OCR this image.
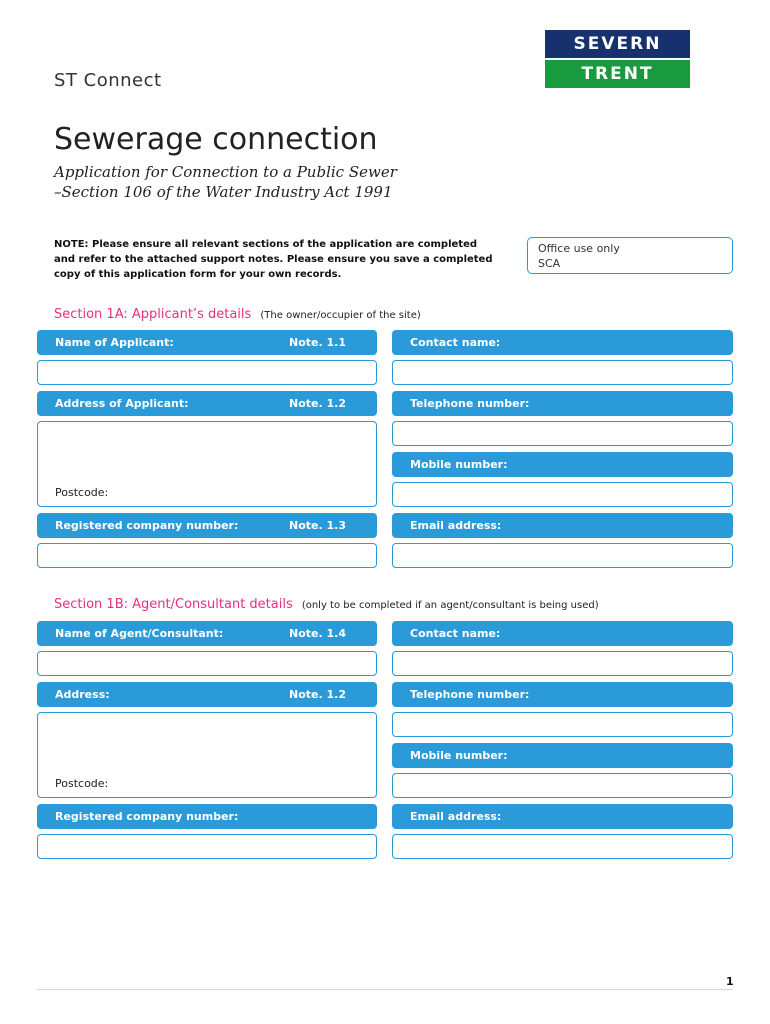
ST Connect
SEVERN
TRENT
Sewerage connection
Application for Connection to a Public Sewer
–Section 106 of the Water Industry Act 1991
NOTE: Please ensure all relevant sections of the application are completed
and refer to the attached support notes. Please ensure you save a completed
copy of this application form for your own records.
Office use only
SCA
Section 1A: Applicant’s details (The owner/occupier of the site)
Name of Applicant:	Note. 1.1
Address of Applicant:	Note. 1.2
Postcode:
Registered company number:	Note. 1.3
Contact name:
Telephone number:
Mobile number:
Email address:
Section 1B: Agent/Consultant details (only to be completed if an agent/consultant is being used)
Name of Agent/Consultant:	Note. 1.4
Address:	Note. 1.2
Postcode:
Registered company number:
Contact name:
Telephone number:
Mobile number:
Email address:
1
